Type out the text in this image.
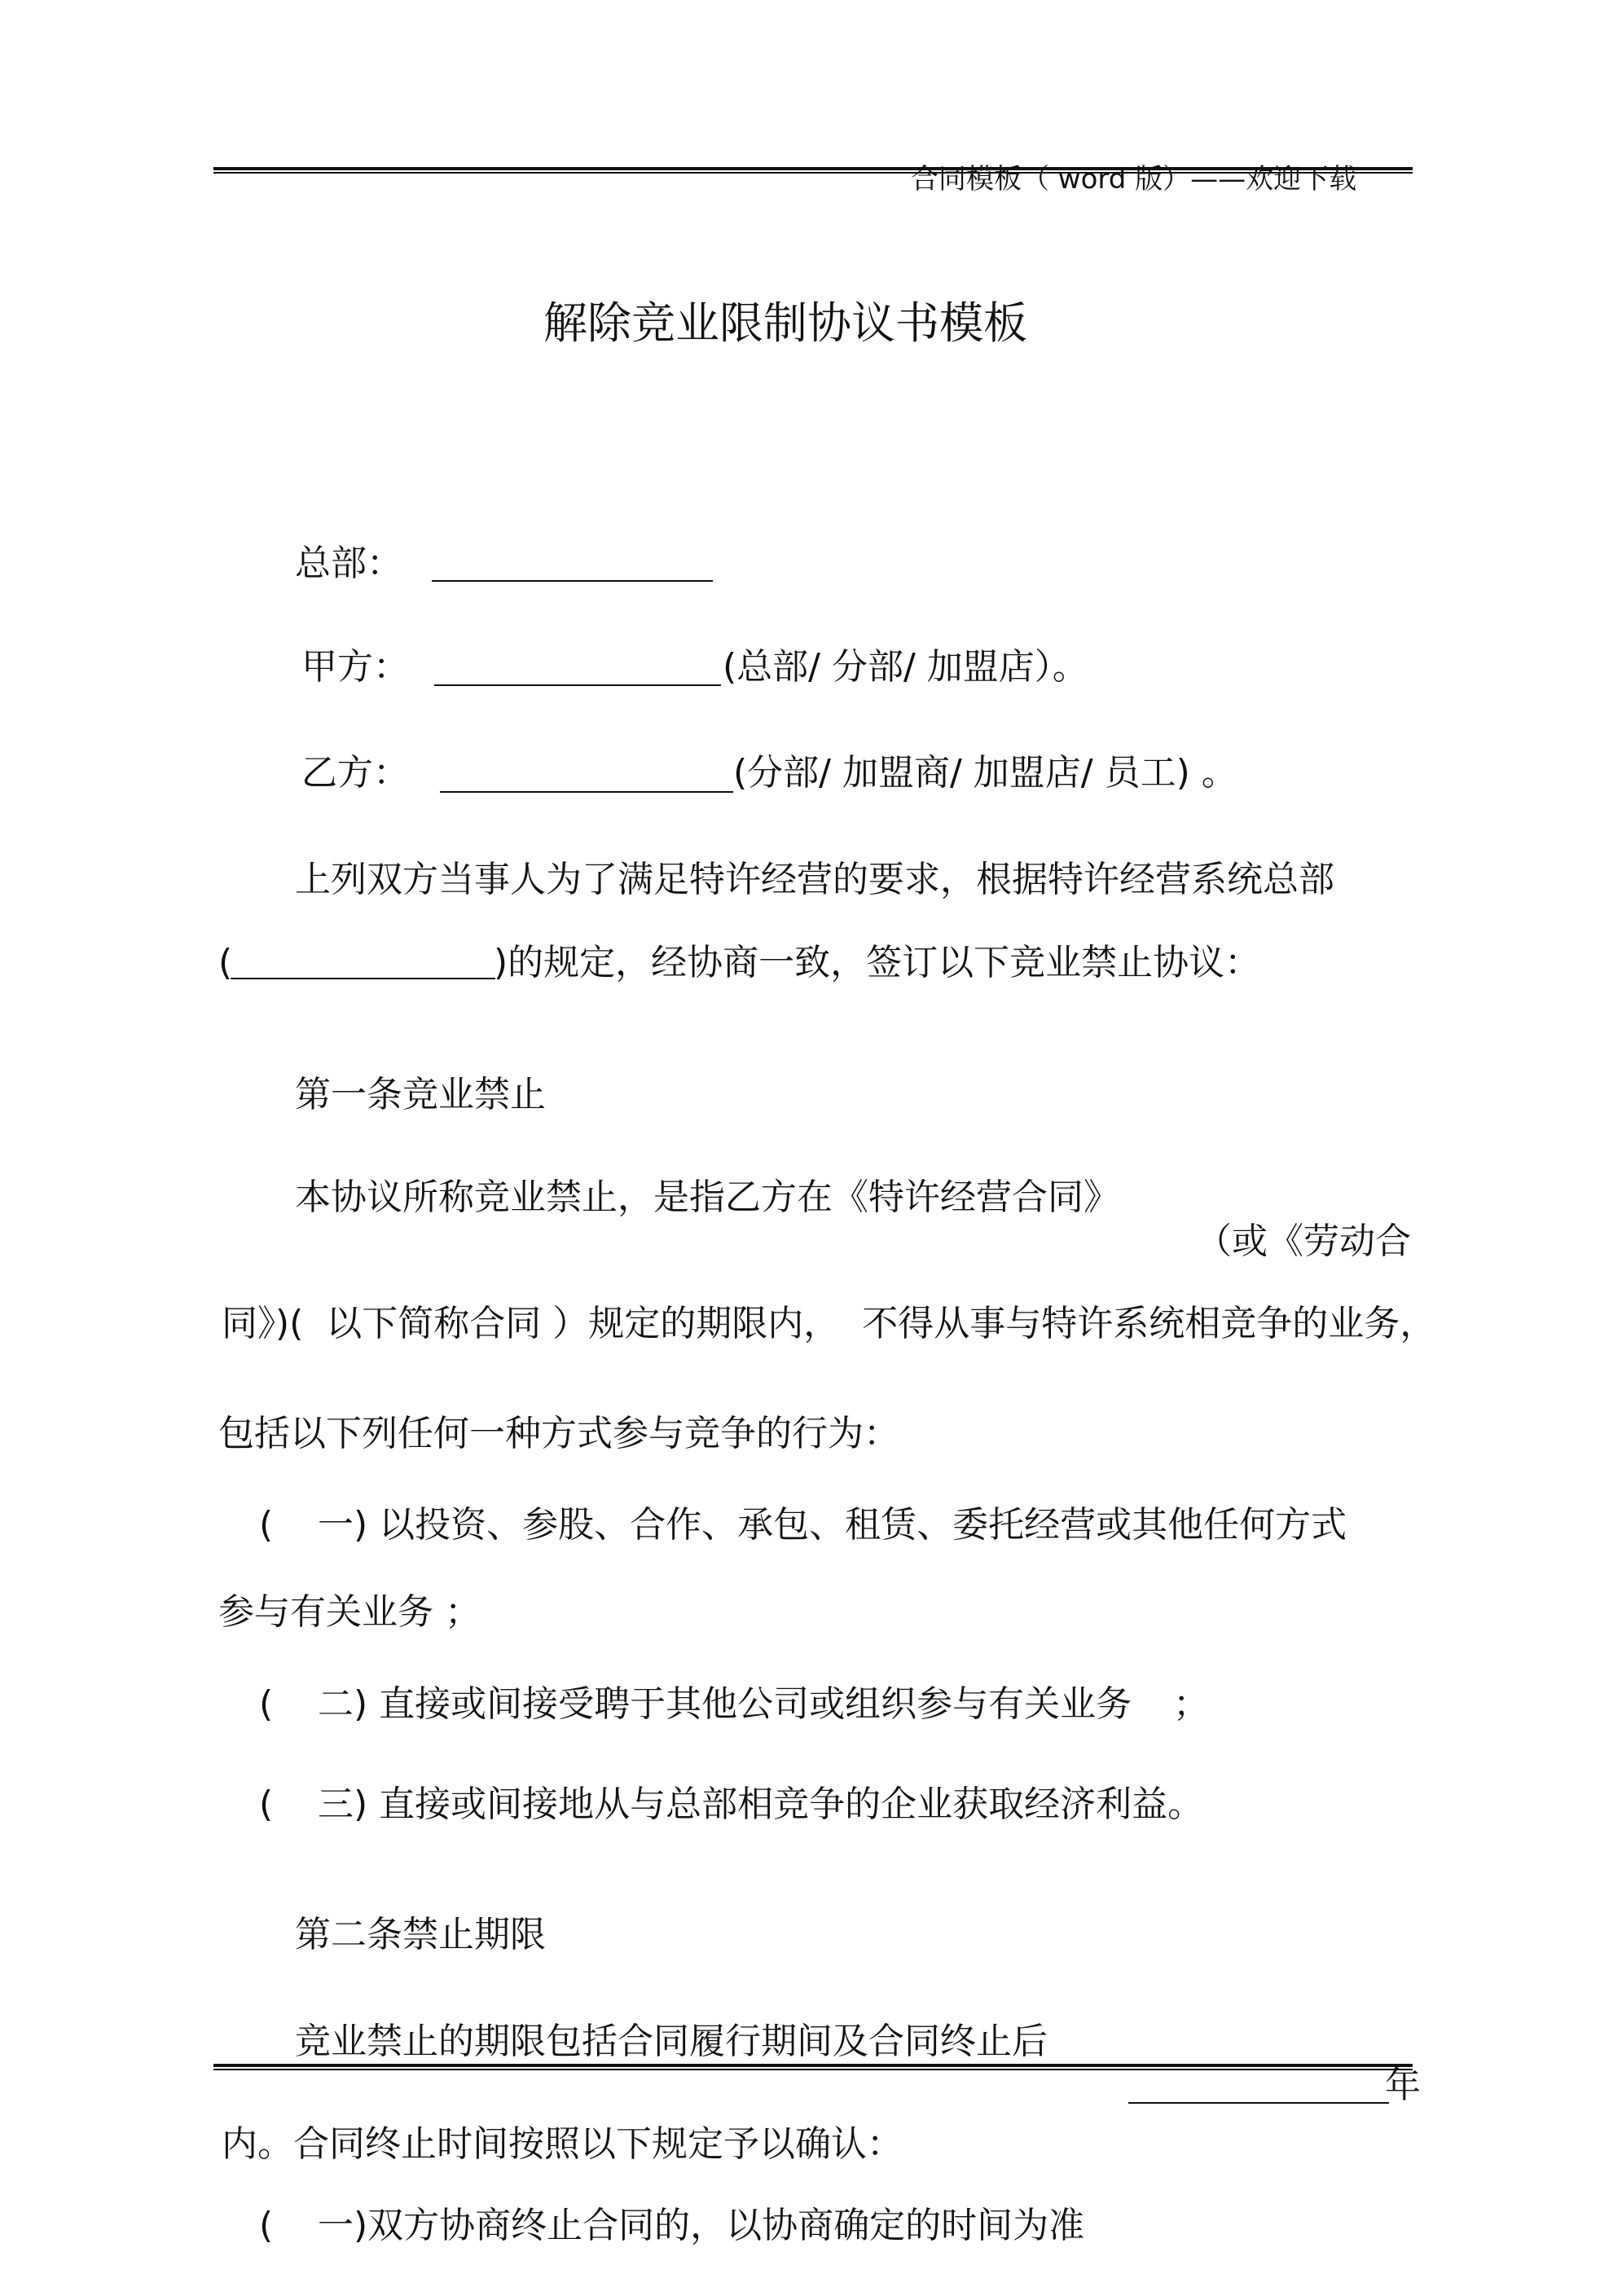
合同模板（ word 版）——欢迎下载
解除竞业限制协议书模板
总部：
甲方：	(总部/ 分部/ 加盟店）。
乙方：	(分部/ 加盟商/ 加盟店/ 员工) 。
上列双方当事人为了满足特许经营的要求，根据特许经营系统总部
(	)的规定，经协商一致，签订以下竞业禁止协议：
第一条竞业禁止
本协议所称竞业禁止，是指乙方在《特许经营合同》
（或《劳动合
同》)(  以下简称合同 ）规定的期限内，  不得从事与特许系统相竞争的业务，
包括以下列任何一种方式参与竞争的行为：
( 一) 以投资、参股、合作、承包、租赁、委托经营或其他任何方式
参与有关业务 ；
( 二) 直接或间接受聘于其他公司或组织参与有关业务 ；
( 三) 直接或间接地从与总部相竞争的企业获取经济利益。
第二条禁止期限
竞业禁止的期限包括合同履行期间及合同终止后
年
内。合同终止时间按照以下规定予以确认：
( 一)双方协商终止合同的，以协商确定的时间为准
